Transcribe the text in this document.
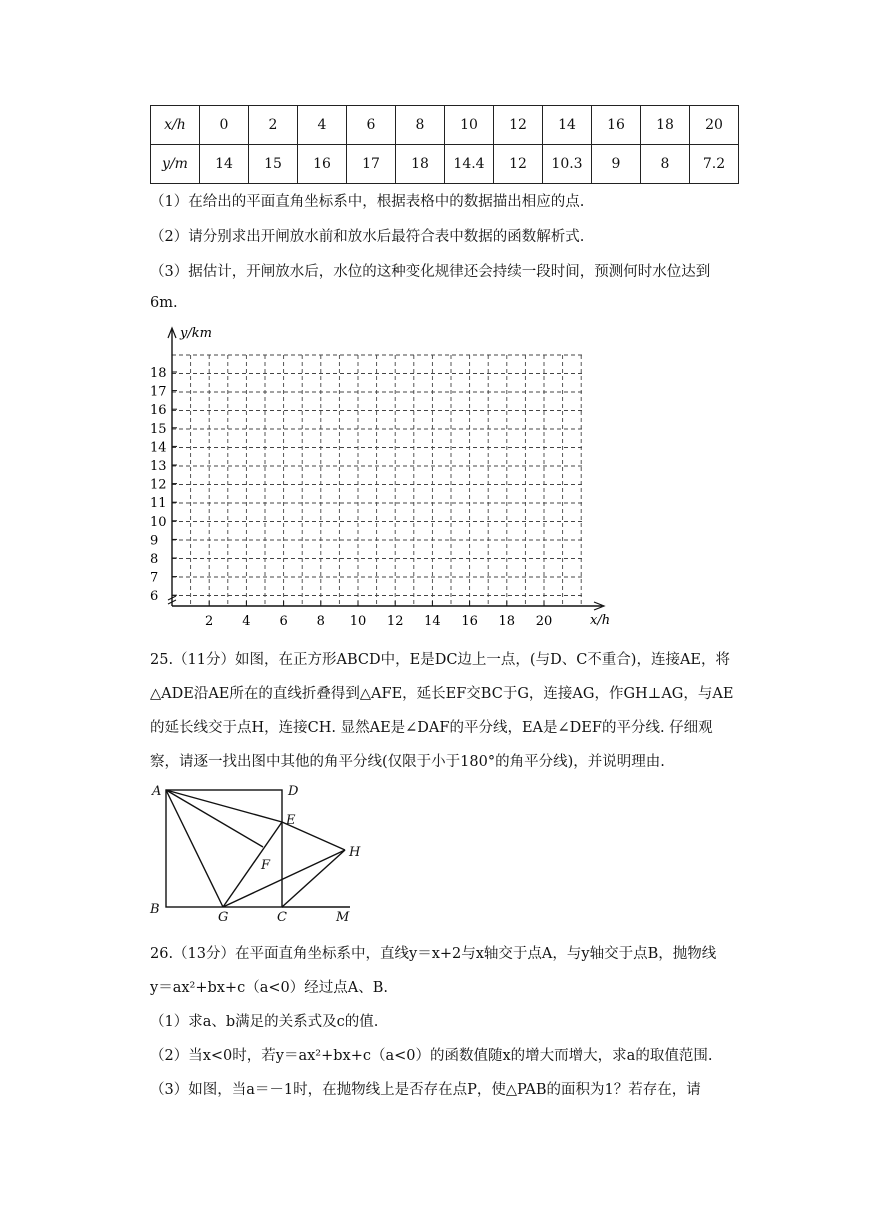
x/h	0	2	4	6	8	10	12	14	16	18	20
y/m	14	15	16	17	18	14.4	12	10.3	9	8	7.2
（1）在给出的平面直角坐标系中，根据表格中的数据描出相应的点.
（2）请分别求出开闸放水前和放水后最符合表中数据的函数解析式.
（3）据估计，开闸放水后，水位的这种变化规律还会持续一段时间，预测何时水位达到
6m.
18
17
16
15
14
13
12
11
10
9
8
7
6
2 4 6 8 10 12 14 16 18 20
y/km
x/h
25.（11分）如图，在正方形ABCD中，E是DC边上一点，(与D、C不重合)，连接AE，将
△ADE沿AE所在的直线折叠得到△AFE，延长EF交BC于G，连接AG，作GH⊥AG，与AE
的延长线交于点H，连接CH. 显然AE是∠DAF的平分线，EA是∠DEF的平分线. 仔细观
察，请逐一找出图中其他的角平分线(仅限于小于180°的角平分线)，并说明理由.
A	D
E
H
F
B
G	C	M
26.（13分）在平面直角坐标系中，直线y＝x+2与x轴交于点A，与y轴交于点B，抛物线
y＝ax²+bx+c（a<0）经过点A、B.
（1）求a、b满足的关系式及c的值.
（2）当x<0时，若y＝ax²+bx+c（a<0）的函数值随x的增大而增大，求a的取值范围.
（3）如图，当a＝－1时，在抛物线上是否存在点P，使△PAB的面积为1？若存在，请
